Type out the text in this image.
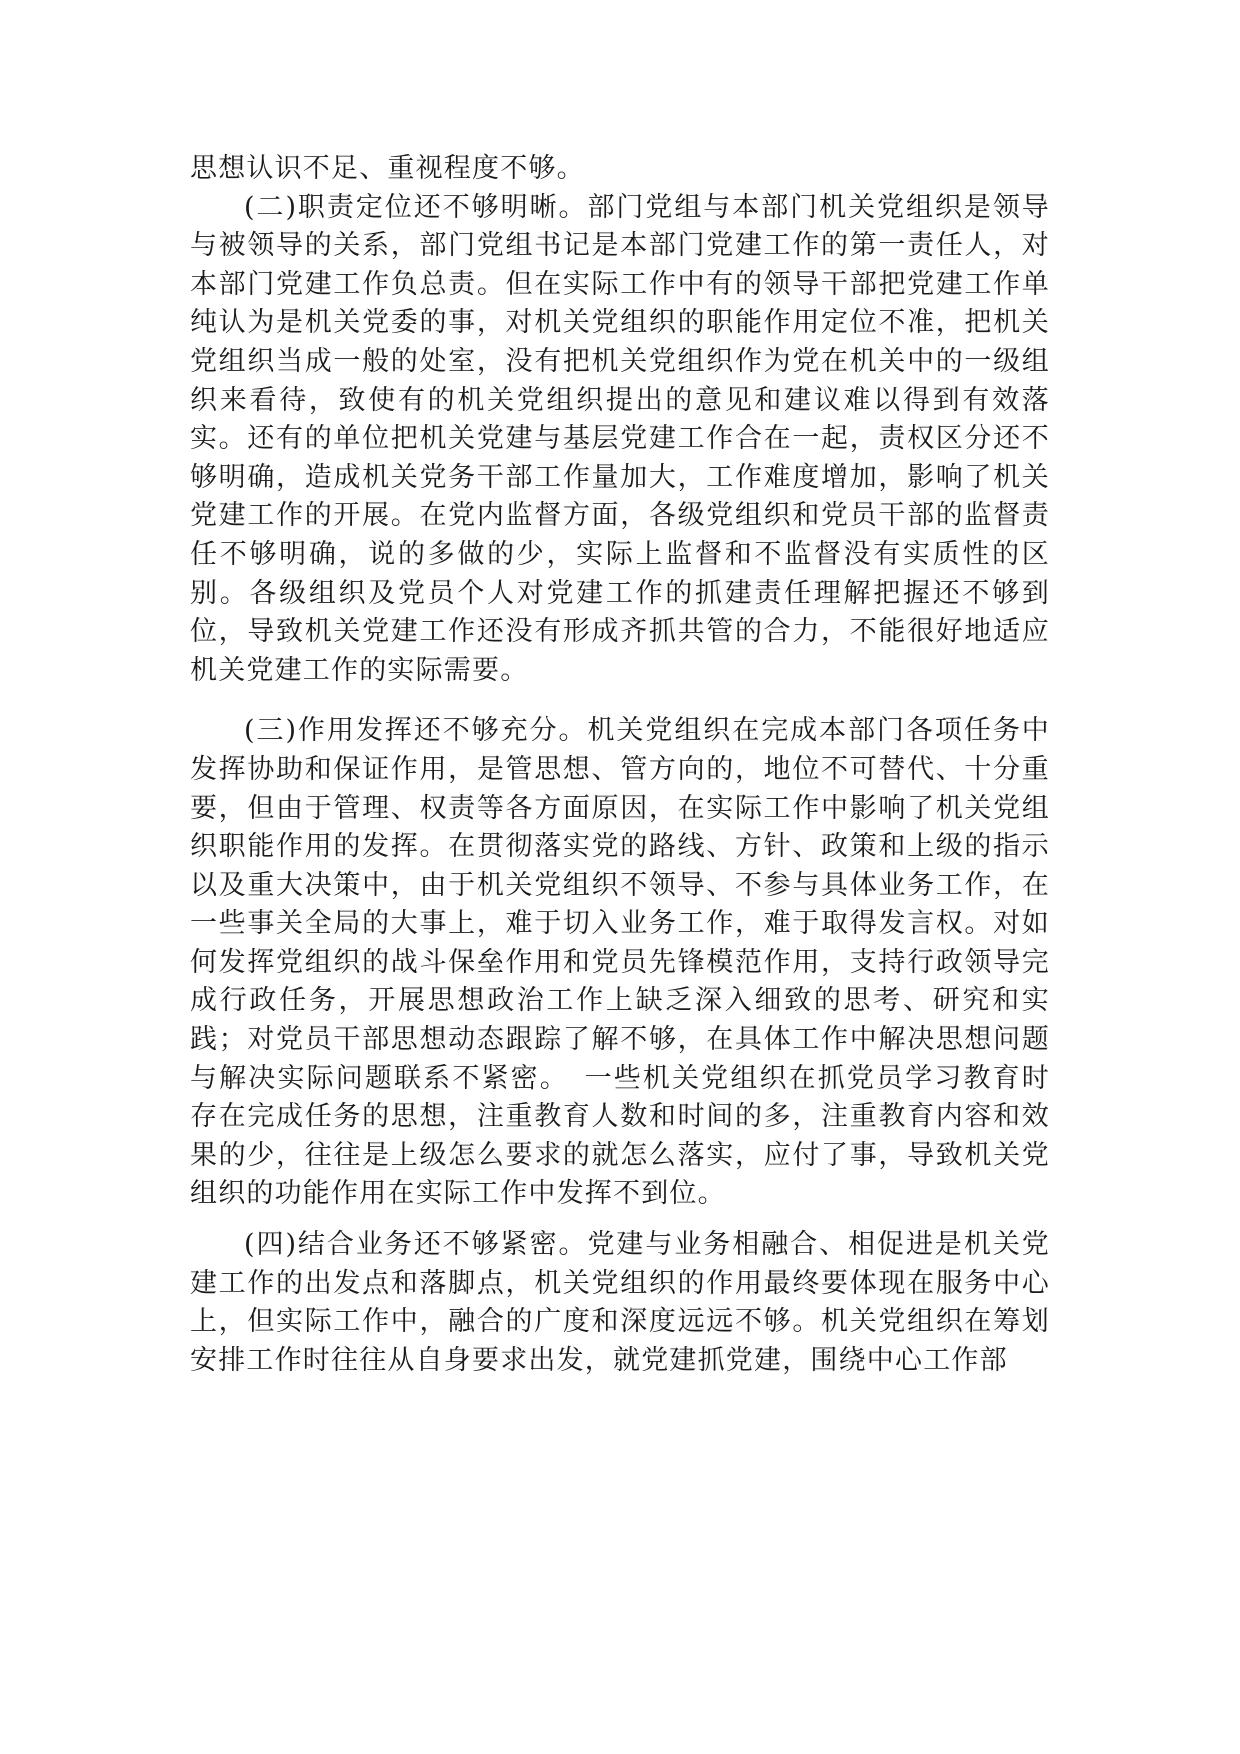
思想认识不足、重视程度不够。

(二)职责定位还不够明晰。部门党组与本部门机关党组织是领导与被领导的关系，部门党组书记是本部门党建工作的第一责任人，对本部门党建工作负总责。但在实际工作中有的领导干部把党建工作单纯认为是机关党委的事，对机关党组织的职能作用定位不准，把机关党组织当成一般的处室，没有把机关党组织作为党在机关中的一级组织来看待，致使有的机关党组织提出的意见和建议难以得到有效落实。还有的单位把机关党建与基层党建工作合在一起，责权区分还不够明确，造成机关党务干部工作量加大，工作难度增加，影响了机关党建工作的开展。在党内监督方面，各级党组织和党员干部的监督责任不够明确，说的多做的少，实际上监督和不监督没有实质性的区别。各级组织及党员个人对党建工作的抓建责任理解把握还不够到位，导致机关党建工作还没有形成齐抓共管的合力，不能很好地适应机关党建工作的实际需要。

(三)作用发挥还不够充分。机关党组织在完成本部门各项任务中发挥协助和保证作用，是管思想、管方向的，地位不可替代、十分重要，但由于管理、权责等各方面原因，在实际工作中影响了机关党组织职能作用的发挥。在贯彻落实党的路线、方针、政策和上级的指示以及重大决策中，由于机关党组织不领导、不参与具体业务工作，在一些事关全局的大事上，难于切入业务工作，难于取得发言权。对如何发挥党组织的战斗保垒作用和党员先锋模范作用，支持行政领导完成行政任务，开展思想政治工作上缺乏深入细致的思考、研究和实践；对党员干部思想动态跟踪了解不够，在具体工作中解决思想问题与解决实际问题联系不紧密。　一些机关党组织在抓党员学习教育时存在完成任务的思想，注重教育人数和时间的多，注重教育内容和效果的少，往往是上级怎么要求的就怎么落实，应付了事，导致机关党组织的功能作用在实际工作中发挥不到位。

(四)结合业务还不够紧密。党建与业务相融合、相促进是机关党建工作的出发点和落脚点，机关党组织的作用最终要体现在服务中心上，但实际工作中，融合的广度和深度远远不够。机关党组织在筹划安排工作时往往从自身要求出发，就党建抓党建，围绕中心工作部
